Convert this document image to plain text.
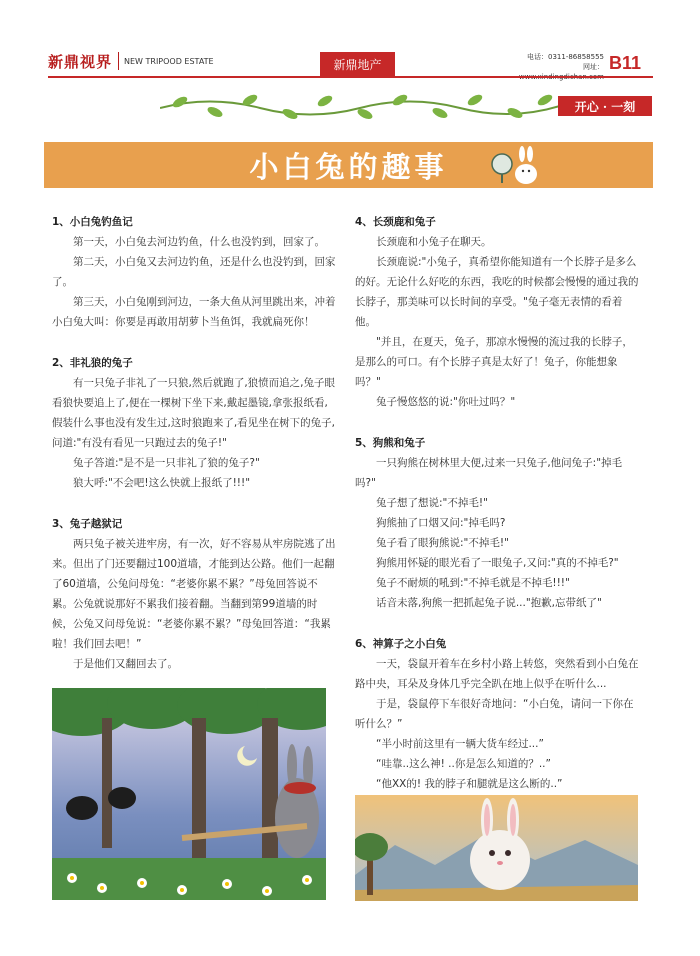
新鼎视界 NEW TRIPOOD ESTATE	新鼎地产
电话：0311-86858555
网址： B11
开心 · 一刻
小白兔的趣事

1、小白兔钓鱼记

第一天，小白兔去河边钓鱼，什么也没钓到，回家了。

第二天，小白兔又去河边钓鱼，还是什么也没钓到，回家了。

第三天，小白兔刚到河边，一条大鱼从河里跳出来，冲着小白兔大叫：你要是再敢用胡萝卜当鱼饵，我就扁死你！

2、非礼狼的兔子

有一只兔子非礼了一只狼,然后就跑了,狼愤而追之,兔子眼看狼快要追上了,便在一棵树下坐下来,戴起墨镜,拿张报纸看,假装什么事也没有发生过,这时狼跑来了,看见坐在树下的兔子,问道:"有没有看见一只跑过去的兔子!"

兔子答道:"是不是一只非礼了狼的兔子?"

狼大呼:"不会吧!这么快就上报纸了!!!"

3、兔子越狱记

两只兔子被关进牢房，有一次，好不容易从牢房院逃了出来。但出了门还要翻过100道墙，才能到达公路。他们一起翻了60道墙，公兔问母兔：“老婆你累不累？”母兔回答说不累。公兔就说那好不累我们接着翻。当翻到第99道墙的时候，公兔又问母兔说：“老婆你累不累？”母兔回答道：“我累啦！我们回去吧！”

于是他们又翻回去了。

4、长颈鹿和兔子

长颈鹿和小兔子在聊天。

长颈鹿说:"小兔子，真希望你能知道有一个长脖子是多么的好。无论什么好吃的东西，我吃的时候都会慢慢的通过我的长脖子，那美味可以长时间的享受。"兔子毫无表情的看着他。

"并且，在夏天，兔子，那凉水慢慢的流过我的长脖子，是那么的可口。有个长脖子真是太好了！兔子，你能想象吗？"

兔子慢悠悠的说:"你吐过吗？"

5、狗熊和兔子

一只狗熊在树林里大便,过来一只兔子,他问兔子:"掉毛吗?"

兔子想了想说:"不掉毛!"

狗熊抽了口烟又问:"掉毛吗?

兔子看了眼狗熊说:"不掉毛!"

狗熊用怀疑的眼光看了一眼兔子,又问:"真的不掉毛?"

兔子不耐烦的吼到:"不掉毛就是不掉毛!!!"

话音未落,狗熊一把抓起兔子说..."抱歉,忘带纸了"

6、神算子之小白兔

一天，袋鼠开着车在乡村小路上转悠，突然看到小白兔在路中央，耳朵及身体几乎完全趴在地上似乎在听什么...

于是，袋鼠停下车很好奇地问：“小白兔，请问一下你在听什么？”

“半小时前这里有一辆大货车经过...”

“哇靠..这么神! ..你是怎么知道的？..”

“他XX的! 我的脖子和腿就是这么断的..”
